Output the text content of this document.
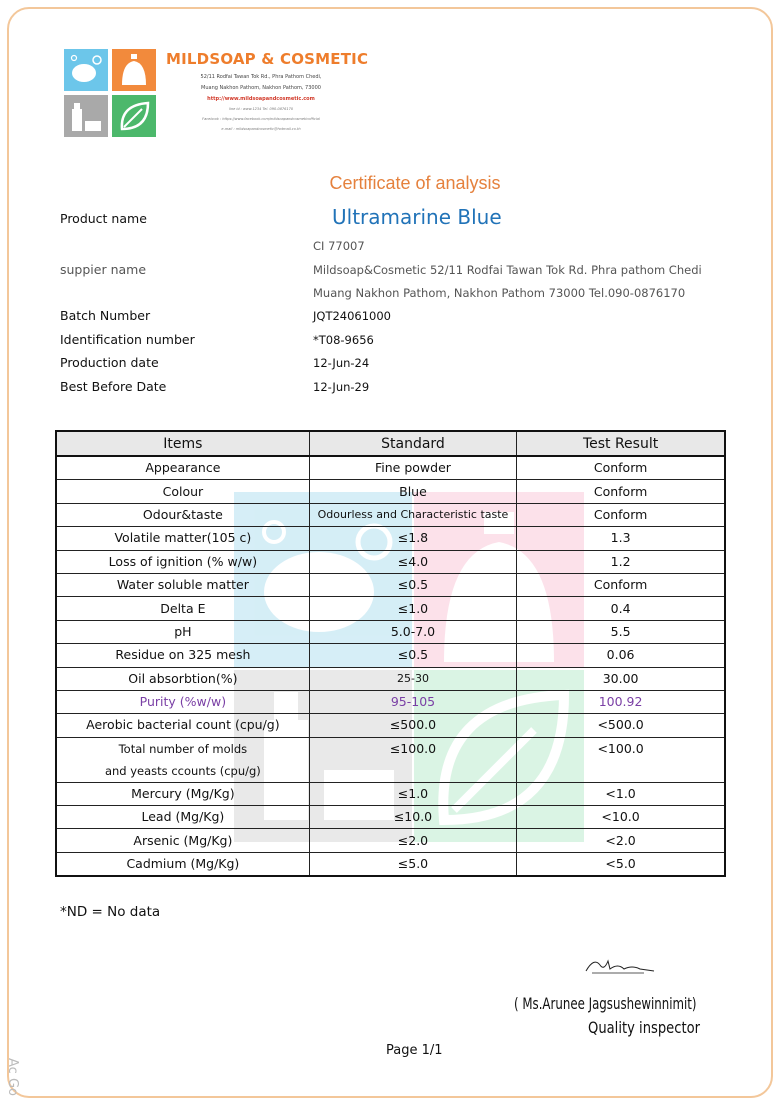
MILDSOAP & COSMETIC
52/11 Rodfai Tawan Tok Rd., Phra Pathom Chedi,
Muang Nakhon Pathom, Nakhon Pathom, 73000
http://www.mildsoapandcosmetic.com
line id : www.1234 Tel. 090-0876170
Facebook : https://www.facebook.com/mildsoapandcosmeticofficial
e-mail : mildsoapandcosmetic@hotmail.co.th
Certificate of analysis
Product name	Ultramarine Blue
CI 77007
suppier name	Mildsoap&Cosmetic 52/11 Rodfai Tawan Tok Rd. Phra pathom Chedi
Muang Nakhon Pathom, Nakhon Pathom 73000 Tel.090-0876170
Batch Number	JQT24061000
Identification number	*T08-9656
Production date	12-Jun-24
Best Before Date	12-Jun-29
Items	Standard	Test Result
Appearance	Fine powder	Conform
Colour	Blue	Conform
Odour&taste	Odourless and Characteristic taste	Conform
Volatile matter(105 c)	≤1.8	1.3
Loss of ignition (% w/w)	≤4.0	1.2
Water soluble matter	≤0.5	Conform
Delta E	≤1.0	0.4
pH	5.0-7.0	5.5
Residue on 325 mesh	≤0.5	0.06
Oil absorbtion(%)	25-30	30.00
Purity (%w/w)	95-105	100.92
Aerobic bacterial count (cpu/g)	≤500.0	<500.0

Total number of molds
and yeasts ccounts (cpu/g)	≤100.0	<100.0
Mercury (Mg/Kg)	≤1.0	<1.0
Lead (Mg/Kg)	≤10.0	<10.0
Arsenic (Mg/Kg)	≤2.0	<2.0
Cadmium (Mg/Kg)	≤5.0	<5.0
*ND = No data
( Ms.Arunee Jagsushewinnimit)
Quality inspector
Page 1/1
Ac Go
